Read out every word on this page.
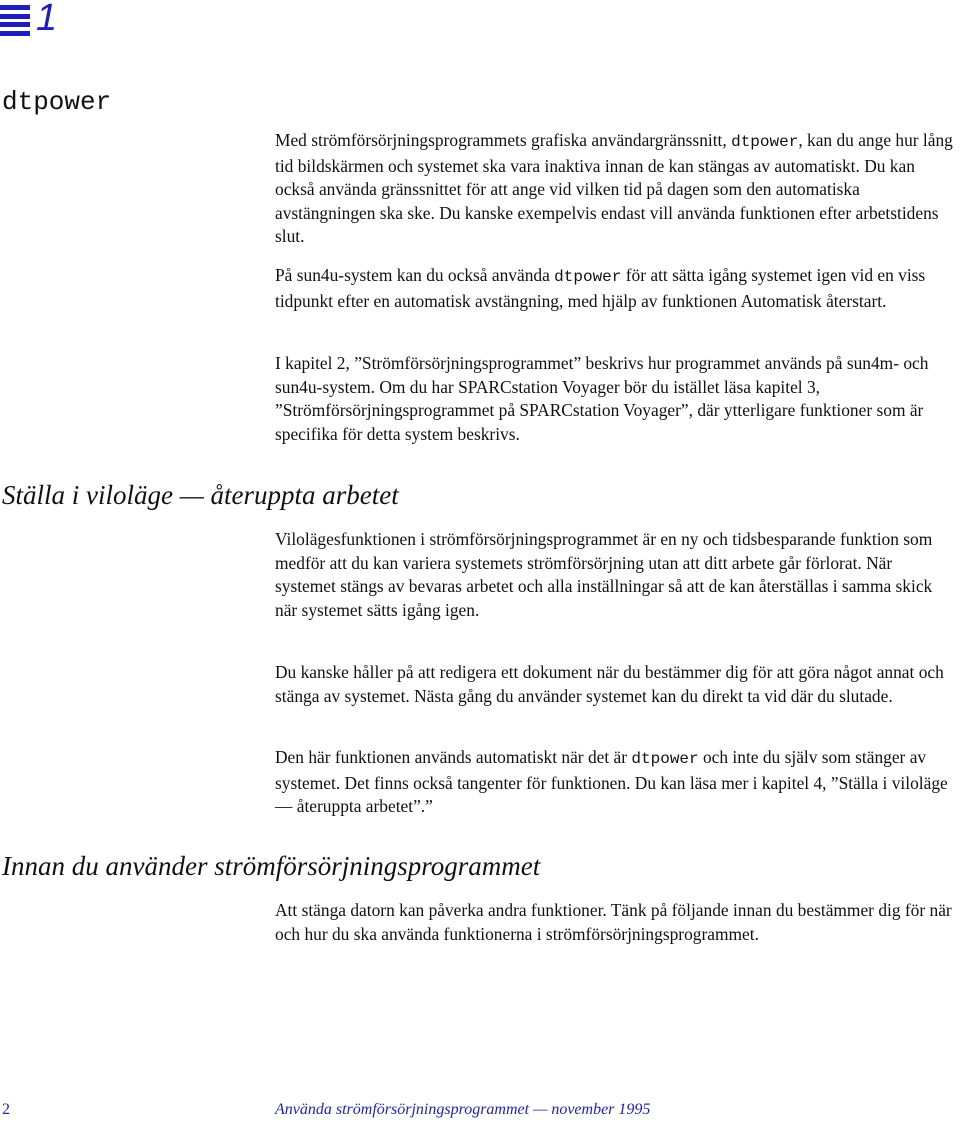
1
dtpower

Med strömförsörjningsprogrammets grafiska användargränssnitt, dtpower, kan du ange hur lång tid bildskärmen och systemet ska vara inaktiva innan de kan stängas av automatiskt. Du kan också använda gränssnittet för att ange vid vilken tid på dagen som den automatiska avstängningen ska ske. Du kanske exempelvis endast vill använda funktionen efter arbetstidens slut.

På sun4u-system kan du också använda dtpower för att sätta igång systemet igen vid en viss tidpunkt efter en automatisk avstängning, med hjälp av funktionen Automatisk återstart.

I kapitel 2, ”Strömförsörjningsprogrammet” beskrivs hur programmet används på sun4m- och sun4u-system. Om du har SPARCstation Voyager bör du istället läsa kapitel 3, ”Strömförsörjningsprogrammet på SPARCstation Voyager”, där ytterligare funktioner som är specifika för detta system beskrivs.

Ställa i viloläge — återuppta arbetet

Vilolägesfunktionen i strömförsörjningsprogrammet är en ny och tidsbesparande funktion som medför att du kan variera systemets strömförsörjning utan att ditt arbete går förlorat. När systemet stängs av bevaras arbetet och alla inställningar så att de kan återställas i samma skick när systemet sätts igång igen.

Du kanske håller på att redigera ett dokument när du bestämmer dig för att göra något annat och stänga av systemet. Nästa gång du använder systemet kan du direkt ta vid där du slutade.

Den här funktionen används automatiskt när det är dtpower och inte du själv som stänger av systemet. Det finns också tangenter för funktionen. Du kan läsa mer i kapitel 4, ”Ställa i viloläge — återuppta arbetet”.”

Innan du använder strömförsörjningsprogrammet

Att stänga datorn kan påverka andra funktioner. Tänk på följande innan du bestämmer dig för när och hur du ska använda funktionerna i strömförsörjningsprogrammet.

2	Använda strömförsörjningsprogrammet — november 1995
